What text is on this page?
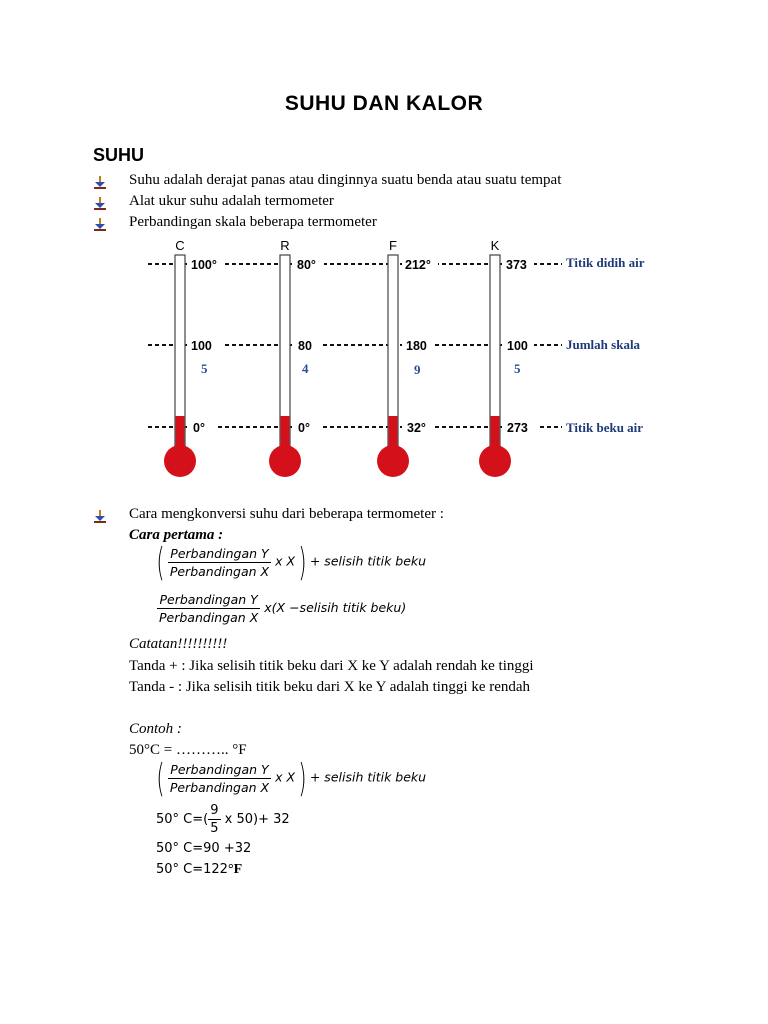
SUHU DAN KALOR
SUHU
Suhu adalah derajat panas atau dinginnya suatu benda atau suatu tempat
Alat ukur suhu adalah termometer
Perbandingan skala beberapa termometer
C
100°
100
5
0°
R
80°
80
4
0°
F
212°
180
9
32°
K
373
100
5
273
Titik didih air
Jumlah skala
Titik beku air
Cara mengkonversi suhu dari beberapa termometer :
Cara pertama :
( $\frac{\text{Perbandingan Y}}{\text{Perbandingan X}}$ x X) + selisih titik beku
$\frac{\text{Perbandingan Y}}{\text{Perbandingan X}} x(X$ −selisih titik beku)
Catatan!!!!!!!!!!
Tanda + : Jika selisih titik beku dari X ke Y adalah rendah ke tinggi
Tanda - : Jika selisih titik beku dari X ke Y adalah tinggi ke rendah
Contoh :
50°C = ……….. °F
( $\frac{\text{Perbandingan Y}}{\text{Perbandingan X}}$ x X) + selisih titik beku
50° $C=( \frac{9}{5}$ x 50)+ 32
50° C=90 +32
50° C=122°F
